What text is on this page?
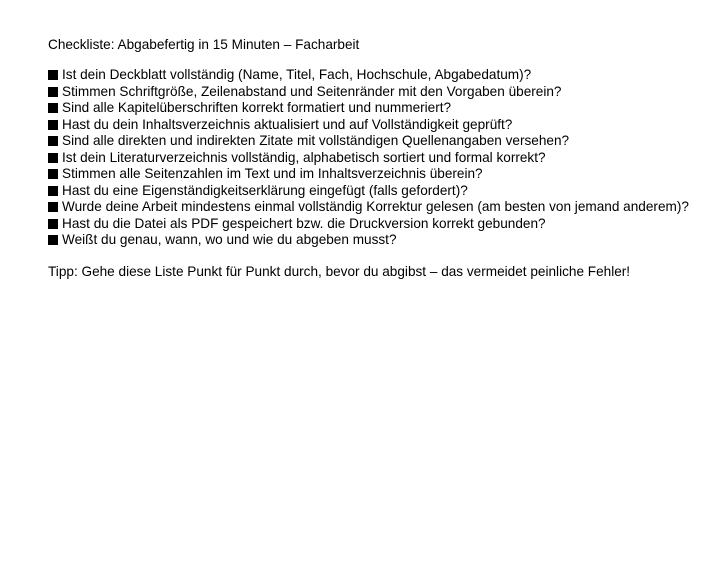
Checkliste: Abgabefertig in 15 Minuten – Facharbeit

Ist dein Deckblatt vollständig (Name, Titel, Fach, Hochschule, Abgabedatum)?
Stimmen Schriftgröße, Zeilenabstand und Seitenränder mit den Vorgaben überein?
Sind alle Kapitelüberschriften korrekt formatiert und nummeriert?
Hast du dein Inhaltsverzeichnis aktualisiert und auf Vollständigkeit geprüft?
Sind alle direkten und indirekten Zitate mit vollständigen Quellenangaben versehen?
Ist dein Literaturverzeichnis vollständig, alphabetisch sortiert und formal korrekt?
Stimmen alle Seitenzahlen im Text und im Inhaltsverzeichnis überein?
Hast du eine Eigenständigkeitserklärung eingefügt (falls gefordert)?
Wurde deine Arbeit mindestens einmal vollständig Korrektur gelesen (am besten von jemand anderem)?
Hast du die Datei als PDF gespeichert bzw. die Druckversion korrekt gebunden?
Weißt du genau, wann, wo und wie du abgeben musst?

Tipp: Gehe diese Liste Punkt für Punkt durch, bevor du abgibst – das vermeidet peinliche Fehler!
